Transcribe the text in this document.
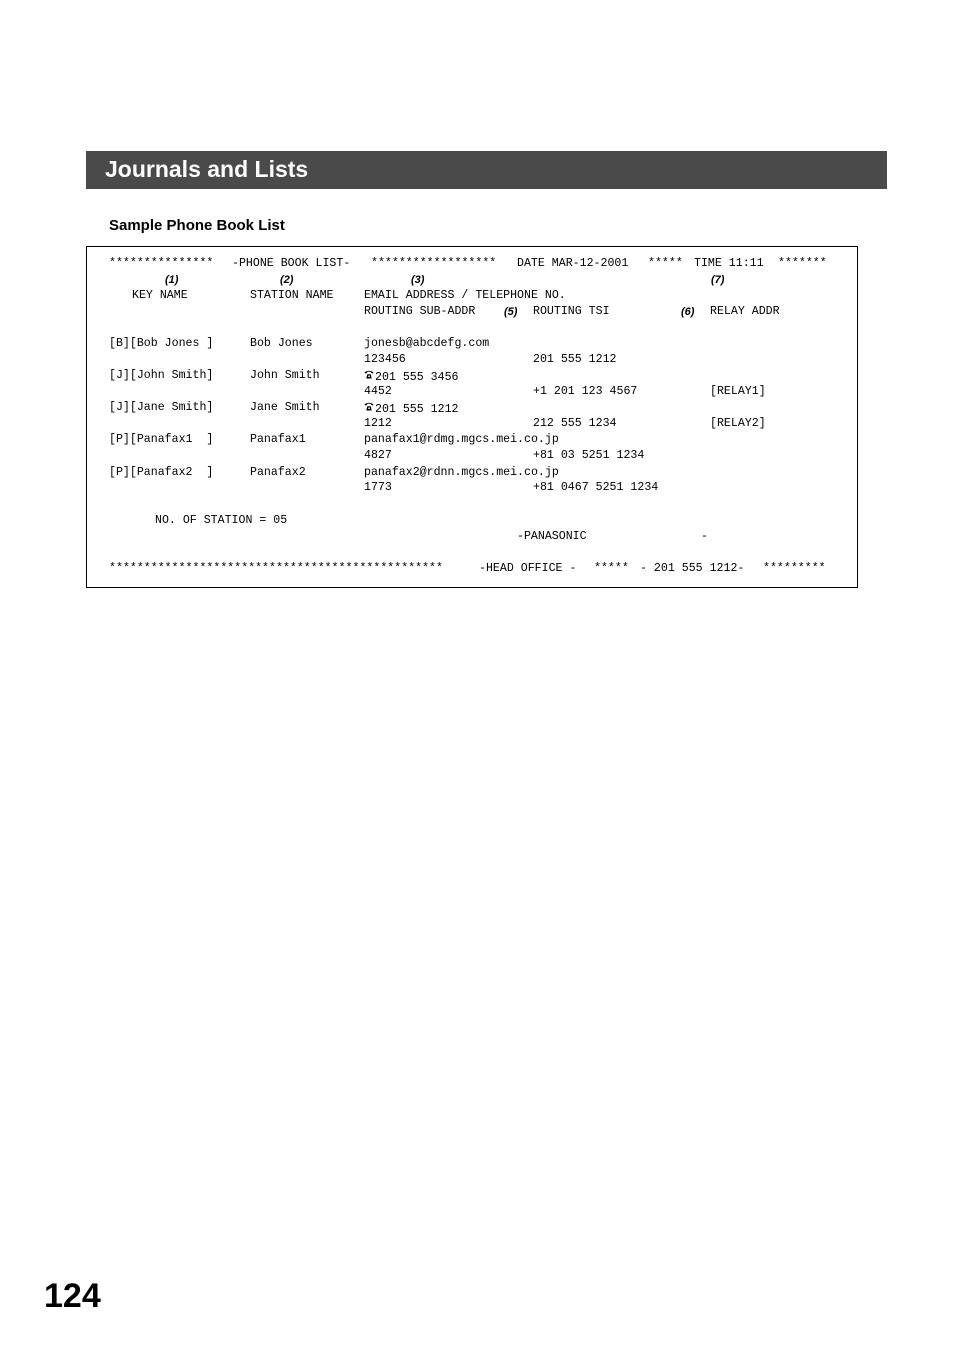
Journals and Lists
Sample Phone Book List
*************** -PHONE BOOK LIST- ****************** DATE MAR-12-2001 ***** TIME 11:11 *******
(1)	(2)	(3)	(7)
KEY NAME	STATION NAME	EMAIL ADDRESS / TELEPHONE NO.
ROUTING SUB-ADDR	(5) ROUTING TSI	(6) RELAY ADDR
[B][Bob Jones ]	Bob Jones	jonesb@abcdefg.com
123456	201 555 1212
[J][John Smith]	John Smith	201 555 3456
4452	+1 201 123 4567	[RELAY1]
[J][Jane Smith]	Jane Smith	201 555 1212
1212	212 555 1234	[RELAY2]
[P][Panafax1  ]	Panafax1	panafax1@rdmg.mgcs.mei.co.jp
4827	+81 03 5251 1234
[P][Panafax2  ]	Panafax2	panafax2@rdnn.mgcs.mei.co.jp
1773	+81 0467 5251 1234
NO. OF STATION = 05
-PANASONIC	-
************************************************	-HEAD OFFICE - ***** - 201 555 1212- *********
124
